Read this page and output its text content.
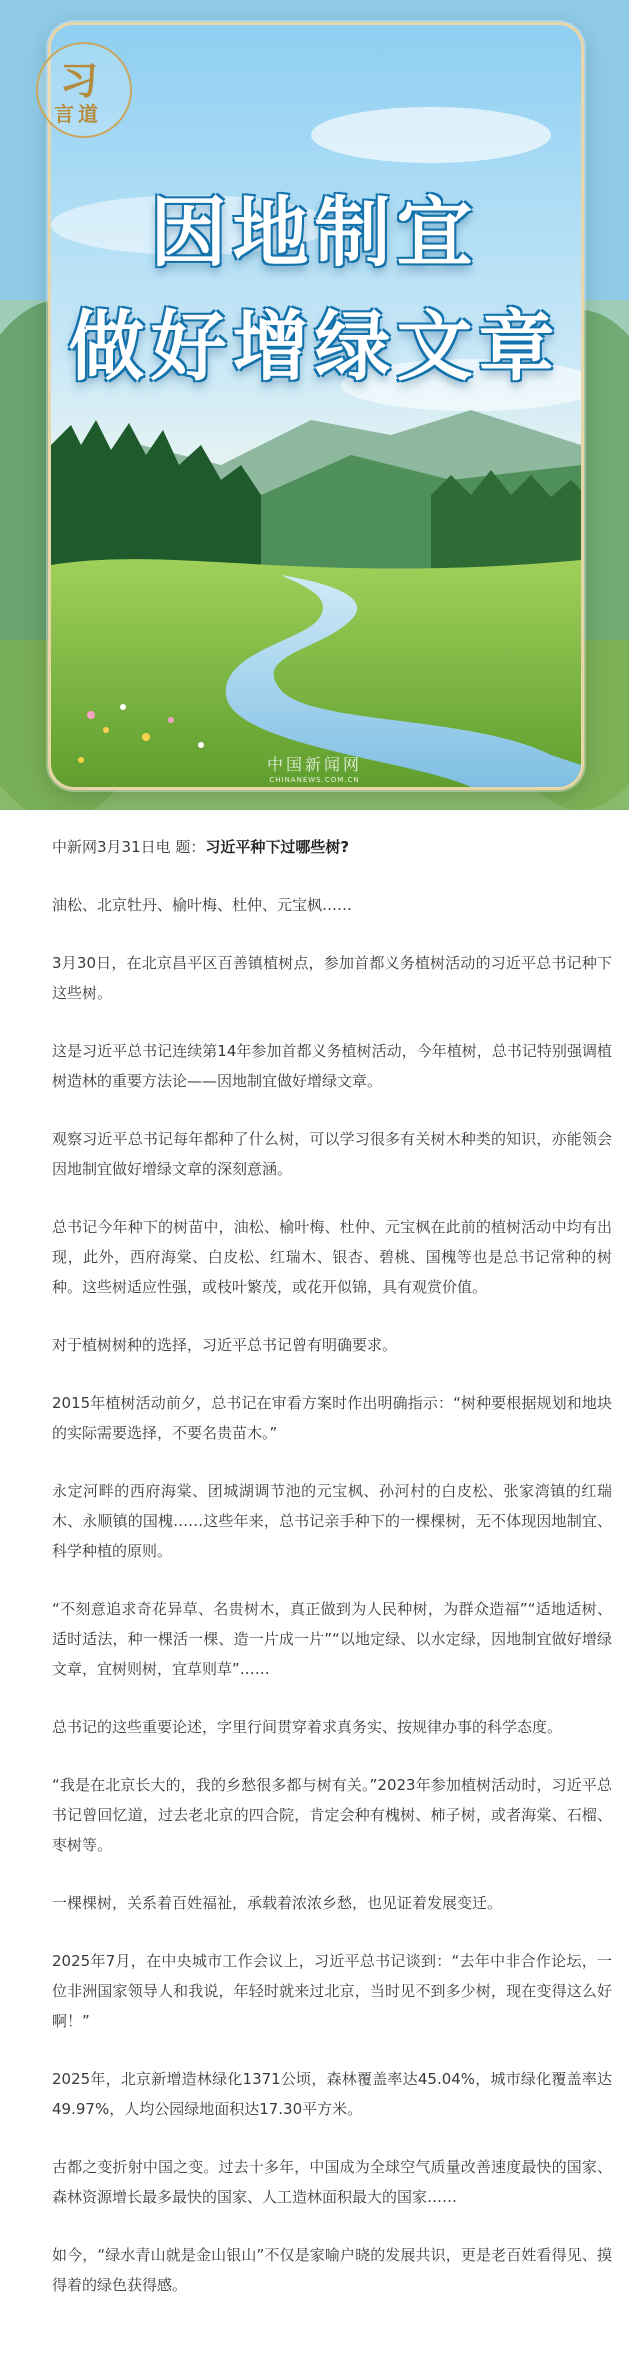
习
言道
因地制宜
做好增绿文章
中国新闻网
CHINANEWS.COM.CN

中新网3月31日电 题：习近平种下过哪些树?

油松、北京牡丹、榆叶梅、杜仲、元宝枫……

3月30日，在北京昌平区百善镇植树点，参加首都义务植树活动的习近平总书记种下这些树。

这是习近平总书记连续第14年参加首都义务植树活动，今年植树，总书记特别强调植树造林的重要方法论——因地制宜做好增绿文章。

观察习近平总书记每年都种了什么树，可以学习很多有关树木种类的知识，亦能领会因地制宜做好增绿文章的深刻意涵。

总书记今年种下的树苗中，油松、榆叶梅、杜仲、元宝枫在此前的植树活动中均有出现，此外，西府海棠、白皮松、红瑞木、银杏、碧桃、国槐等也是总书记常种的树种。这些树适应性强，或枝叶繁茂，或花开似锦，具有观赏价值。

对于植树树种的选择，习近平总书记曾有明确要求。

2015年植树活动前夕，总书记在审看方案时作出明确指示：“树种要根据规划和地块的实际需要选择，不要名贵苗木。”

永定河畔的西府海棠、团城湖调节池的元宝枫、孙河村的白皮松、张家湾镇的红瑞木、永顺镇的国槐……这些年来，总书记亲手种下的一棵棵树，无不体现因地制宜、科学种植的原则。

“不刻意追求奇花异草、名贵树木，真正做到为人民种树，为群众造福”“适地适树、适时适法，种一棵活一棵、造一片成一片”“以地定绿、以水定绿，因地制宜做好增绿文章，宜树则树，宜草则草”……

总书记的这些重要论述，字里行间贯穿着求真务实、按规律办事的科学态度。

“我是在北京长大的，我的乡愁很多都与树有关。”2023年参加植树活动时，习近平总书记曾回忆道，过去老北京的四合院，肯定会种有槐树、柿子树，或者海棠、石榴、枣树等。

一棵棵树，关系着百姓福祉，承载着浓浓乡愁，也见证着发展变迁。

2025年7月，在中央城市工作会议上，习近平总书记谈到：“去年中非合作论坛，一位非洲国家领导人和我说，年轻时就来过北京，当时见不到多少树，现在变得这么好啊！”

2025年，北京新增造林绿化1371公顷，森林覆盖率达45.04%，城市绿化覆盖率达49.97%，人均公园绿地面积达17.30平方米。

古都之变折射中国之变。过去十多年，中国成为全球空气质量改善速度最快的国家、森林资源增长最多最快的国家、人工造林面积最大的国家……

如今，“绿水青山就是金山银山”不仅是家喻户晓的发展共识，更是老百姓看得见、摸得着的绿色获得感。
